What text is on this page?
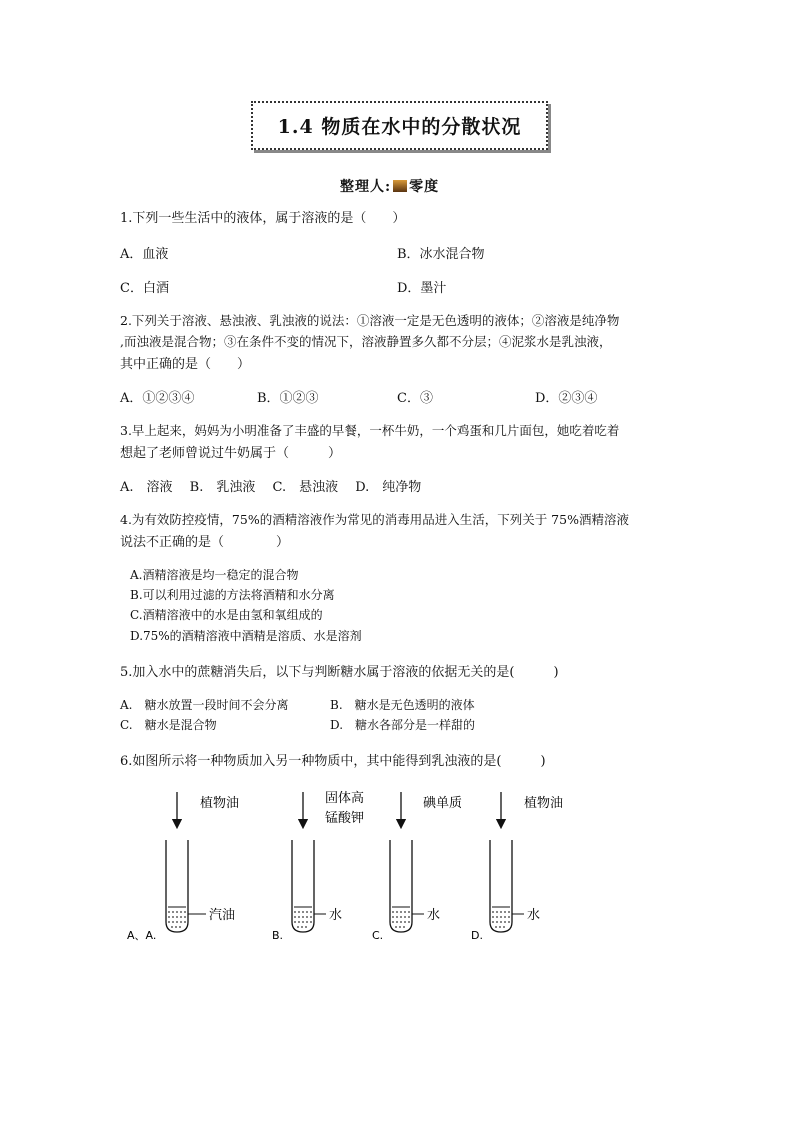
1.4 物质在水中的分散状况
整理人: 零度
1.下列一些生活中的液体，属于溶液的是（　　）
A．血液	B．冰水混合物
C．白酒	D．墨汁
2.下列关于溶液、悬浊液、乳浊液的说法：①溶液一定是无色透明的液体；②溶液是纯净物
,而浊液是混合物；③在条件不变的情况下，溶液静置多久都不分层；④泥浆水是乳浊液，
其中正确的是（　　）
A．①②③④	B．①②③	C．③	D．②③④
3.早上起来，妈妈为小明准备了丰盛的早餐，一杯牛奶，一个鸡蛋和几片面包，她吃着吃着
想起了老师曾说过牛奶属于（　　　）
A.　溶液　 B.　乳浊液　 C.　悬浊液　 D.　纯净物
4.为有效防控疫情，75%的酒精溶液作为常见的消毒用品进入生活，下列关于 75%酒精溶液
说法不正确的是（　　　　）
A.酒精溶液是均一稳定的混合物
B.可以利用过滤的方法将酒精和水分离
C.酒精溶液中的水是由氢和氧组成的
D.75%的酒精溶液中酒精是溶质、水是溶剂
5.加入水中的蔗糖消失后，以下与判断糖水属于溶液的依据无关的是(　　　)
A.　糖水放置一段时间不会分离	B.　糖水是无色透明的液体
C.　糖水是混合物	D.　糖水各部分是一样甜的
6.如图所示将一种物质加入另一种物质中，其中能得到乳浊液的是(　　　)
植物油
汽油
A、A.
固体高
锰酸钾
水
B.
碘单质
水
C.
植物油
水
D.
